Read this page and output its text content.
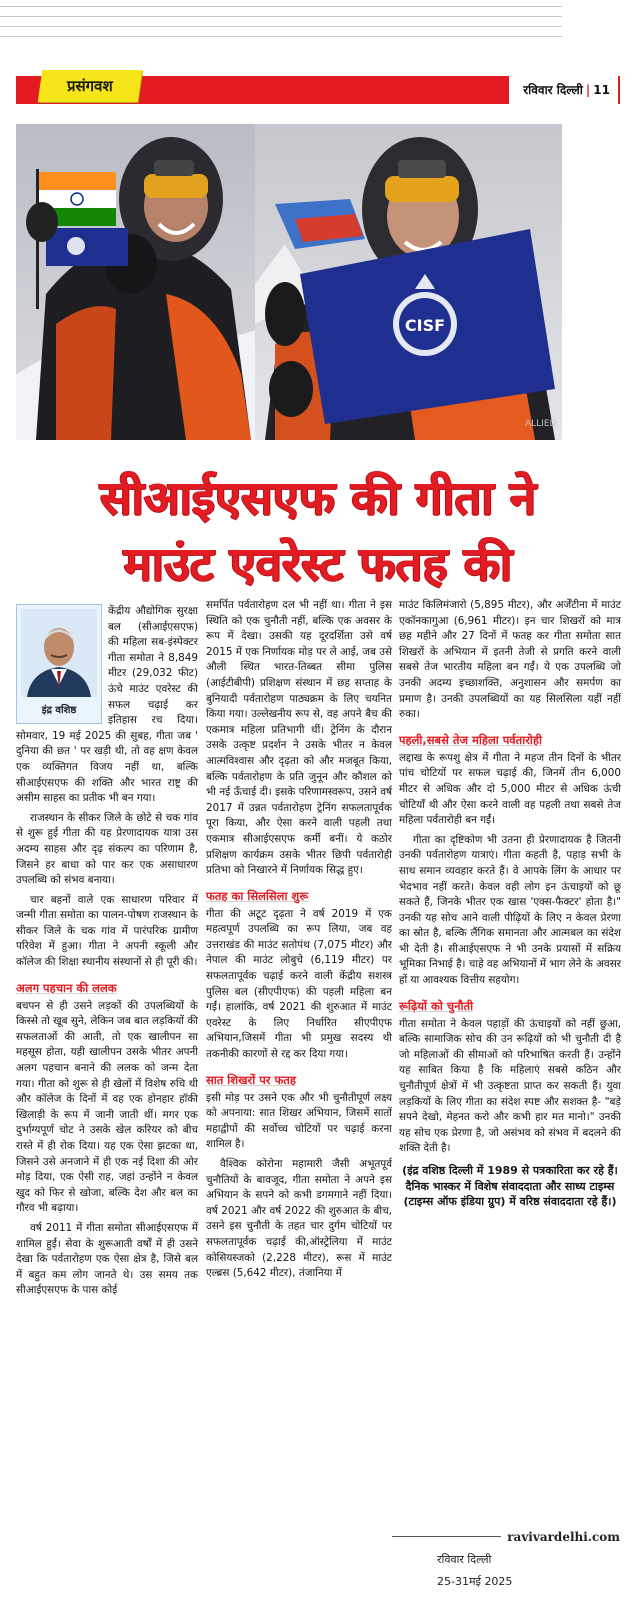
प्रसंगवश	रविवार दिल्ली | 11
CISF
ALLIED
सीआईएसएफ की गीता ने
माउंट एवरेस्ट फतह की
इंद्र वशिष्ठ

केंद्रीय औद्योगिक सुरक्षा बल (सीआईएसएफ) की महिला सब-इंस्पेक्टर गीता समोता ने 8,849 मीटर (29,032 फीट) ऊंचे माउंट एवरेस्ट की सफल चढ़ाई कर इतिहास रच दिया। सोमवार, 19 मई 2025 की सुबह, गीता जब ' दुनिया की छत ' पर खड़ी थी, तो वह क्षण केवल एक व्यक्तिगत विजय नहीं था, बल्कि सीआईएसएफ की शक्ति और भारत राष्ट्र की असीम साहस का प्रतीक भी बन गया।

राजस्थान के सीकर जिले के छोटे से चक गांव से शुरू हुई गीता की यह प्रेरणादायक यात्रा उस अदम्य साहस और दृढ़ संकल्प का परिणाम है, जिसने हर बाधा को पार कर एक असाधारण उपलब्धि को संभव बनाया।

चार बहनों वाले एक साधारण परिवार में जन्मी गीता समोता का पालन-पोषण राजस्थान के सीकर जिले के चक गांव में पारंपरिक ग्रामीण परिवेश में हुआ। गीता ने अपनी स्कूली और कॉलेज की शिक्षा स्थानीय संस्थानों से ही पूरी की।

अलग पहचान की ललक

बचपन से ही उसने लड़कों की उपलब्धियों के किस्से तो खूब सुने, लेकिन जब बात लड़कियों की सफलताओं की आती, तो एक खालीपन सा महसूस होता, यही खालीपन उसके भीतर अपनी अलग पहचान बनाने की ललक को जन्म देता गया। गीता को शुरू से ही खेलों में विशेष रुचि थी और कॉलेज के दिनों में वह एक होनहार हॉकी खिलाड़ी के रूप में जानी जाती थीं। मगर एक दुर्भाग्यपूर्ण चोट ने उसके खेल करियर को बीच रास्ते में ही रोक दिया। यह एक ऐसा झटका था, जिसने उसे अनजाने में ही एक नई दिशा की ओर मोड़ दिया, एक ऐसी राह, जहां उन्होंने न केवल खुद को फिर से खोजा, बल्कि देश और बल का गौरव भी बढ़ाया।

वर्ष 2011 में गीता समोता सीआईएसएफ में शामिल हुईं। सेवा के शुरूआती वर्षों में ही उसने देखा कि पर्वतारोहण एक ऐसा क्षेत्र है, जिसे बल में बहुत कम लोग जानते थे। उस समय तक सीआईएसएफ के पास कोई

समर्पित पर्वतारोहण दल भी नहीं था। गीता ने इस स्थिति को एक चुनौती नहीं, बल्कि एक अवसर के रूप में देखा। उसकी यह दूरदर्शिता उसे वर्ष 2015 में एक निर्णायक मोड़ पर ले आई, जब उसे औली स्थित भारत-तिब्बत सीमा पुलिस (आईटीबीपी) प्रशिक्षण संस्थान में छह सप्ताह के बुनियादी पर्वतारोहण पाठ्यक्रम के लिए चयनित किया गया। उल्लेखनीय रूप से, वह अपने बैच की एकमात्र महिला प्रतिभागी थीं। ट्रेनिंग के दौरान उसके उत्कृष्ट प्रदर्शन ने उसके भीतर न केवल आत्मविश्वास और दृढ़ता को और मजबूत किया, बल्कि पर्वतारोहण के प्रति जुनून और कौशल को भी नई ऊँचाई दी। इसके परिणामस्वरूप, उसने वर्ष 2017 में उन्नत पर्वतारोहण ट्रेनिंग सफलतापूर्वक पूरा किया, और ऐसा करने वाली पहली तथा एकमात्र सीआईएसएफ कर्मी बनीं। ये कठोर प्रशिक्षण कार्यक्रम उसके भीतर छिपी पर्वतारोही प्रतिभा को निखारने में निर्णायक सिद्ध हुए।

फतह का सिलसिला शुरू

गीता की अटूट दृढ़ता ने वर्ष 2019 में एक महत्वपूर्ण उपलब्धि का रूप लिया, जब वह उत्तराखंड की माउंट सतोपंथ (7,075 मीटर) और नेपाल की माउंट लोबुचे (6,119 मीटर) पर सफलतापूर्वक चढ़ाई करने वाली केंद्रीय सशस्त्र पुलिस बल (सीएपीएफ) की पहली महिला बन गईं। हालांकि, वर्ष 2021 की शुरुआत में माउंट एवरेस्ट के लिए निर्धारित सीएपीएफ अभियान,जिसमें गीता भी प्रमुख सदस्य थी तकनीकी कारणों से रद्द कर दिया गया।

सात शिखरों पर फतह

इसी मोड़ पर उसने एक और भी चुनौतीपूर्ण लक्ष्य को अपनाया: सात शिखर अभियान, जिसमें सातों महाद्वीपों की सर्वोच्च चोटियों पर चढ़ाई करना शामिल है।

वैश्विक कोरोना महामारी जैसी अभूतपूर्व चुनौतियों के बावजूद, गीता समोता ने अपने इस अभियान के सपने को कभी डगमगाने नहीं दिया। वर्ष 2021 और वर्ष 2022 की शुरुआत के बीच, उसने इस चुनौती के तहत चार दुर्गम चोटियों पर सफलतापूर्वक चढ़ाई की,ऑस्ट्रेलिया में माउंट कोसियस्जको (2,228 मीटर), रूस में माउंट एल्ब्रस (5,642 मीटर), तंजानिया में

माउंट किलिमंजारो (5,895 मीटर), और अर्जेंटीना में माउंट एकॉनकागुआ (6,961 मीटर)। इन चार शिखरों को मात्र छह महीने और 27 दिनों में फतह कर गीता समोता सात शिखरों के अभियान में इतनी तेजी से प्रगति करने वाली सबसे तेज भारतीय महिला बन गईं। ये एक उपलब्धि जो उनकी अदम्य इच्छाशक्ति, अनुशासन और समर्पण का प्रमाण है। उनकी उपलब्धियों का यह सिलसिला यहीं नहीं रुका।

पहली,सबसे तेज महिला पर्वतारोही

लद्दाख के रूपशु क्षेत्र में गीता ने महज तीन दिनों के भीतर पांच चोटियों पर सफल चढ़ाई की, जिनमें तीन 6,000 मीटर से अधिक और दो 5,000 मीटर से अधिक ऊंची चोटियाँ थी और ऐसा करने वाली वह पहली तथा सबसे तेज महिला पर्वतारोही बन गईं।

गीता का दृष्टिकोण भी उतना ही प्रेरणादायक है जितनी उनकी पर्वतारोहण यात्राएं। गीता कहती है, पहाड़ सभी के साथ समान व्यवहार करते हैं। वे आपके लिंग के आधार पर भेदभाव नहीं करते। केवल वही लोग इन ऊंचाइयों को छू सकते हैं, जिनके भीतर एक खास 'एक्स-फैक्टर' होता है।" उनकी यह सोच आने वाली पीढ़ियों के लिए न केवल प्रेरणा का स्रोत है, बल्कि लैंगिक समानता और आत्मबल का संदेश भी देती है। सीआईएसएफ ने भी उनके प्रयासों में सक्रिय भूमिका निभाई है। चाहे वह अभियानों में भाग लेने के अवसर हों या आवश्यक वित्तीय सहयोग।

रूढ़ियों को चुनौती

गीता समोता ने केवल पहाड़ों की ऊंचाइयों को नहीं छुआ, बल्कि सामाजिक सोच की उन रूढ़ियों को भी चुनौती दी है जो महिलाओं की सीमाओं को परिभाषित करती हैं। उन्होंने यह साबित किया है कि महिलाएं सबसे कठिन और चुनौतीपूर्ण क्षेत्रों में भी उत्कृष्टता प्राप्त कर सकती हैं। युवा लड़कियों के लिए गीता का संदेश स्पष्ट और सशक्त है- "बड़े सपने देखो, मेहनत करो और कभी हार मत मानो।" उनकी यह सोच एक प्रेरणा है, जो असंभव को संभव में बदलने की शक्ति देती है।

(इंद्र वशिष्ठ दिल्ली में 1989 से पत्रकारिता कर रहे हैं। दैनिक भास्कर में विशेष संवाददाता और साध्य टाइम्स (टाइम्स ऑफ इंडिया ग्रुप) में वरिष्ठ संवाददाता रहे हैं।)
ravivardelhi.com
रविवार दिल्ली
25-31मई 2025
